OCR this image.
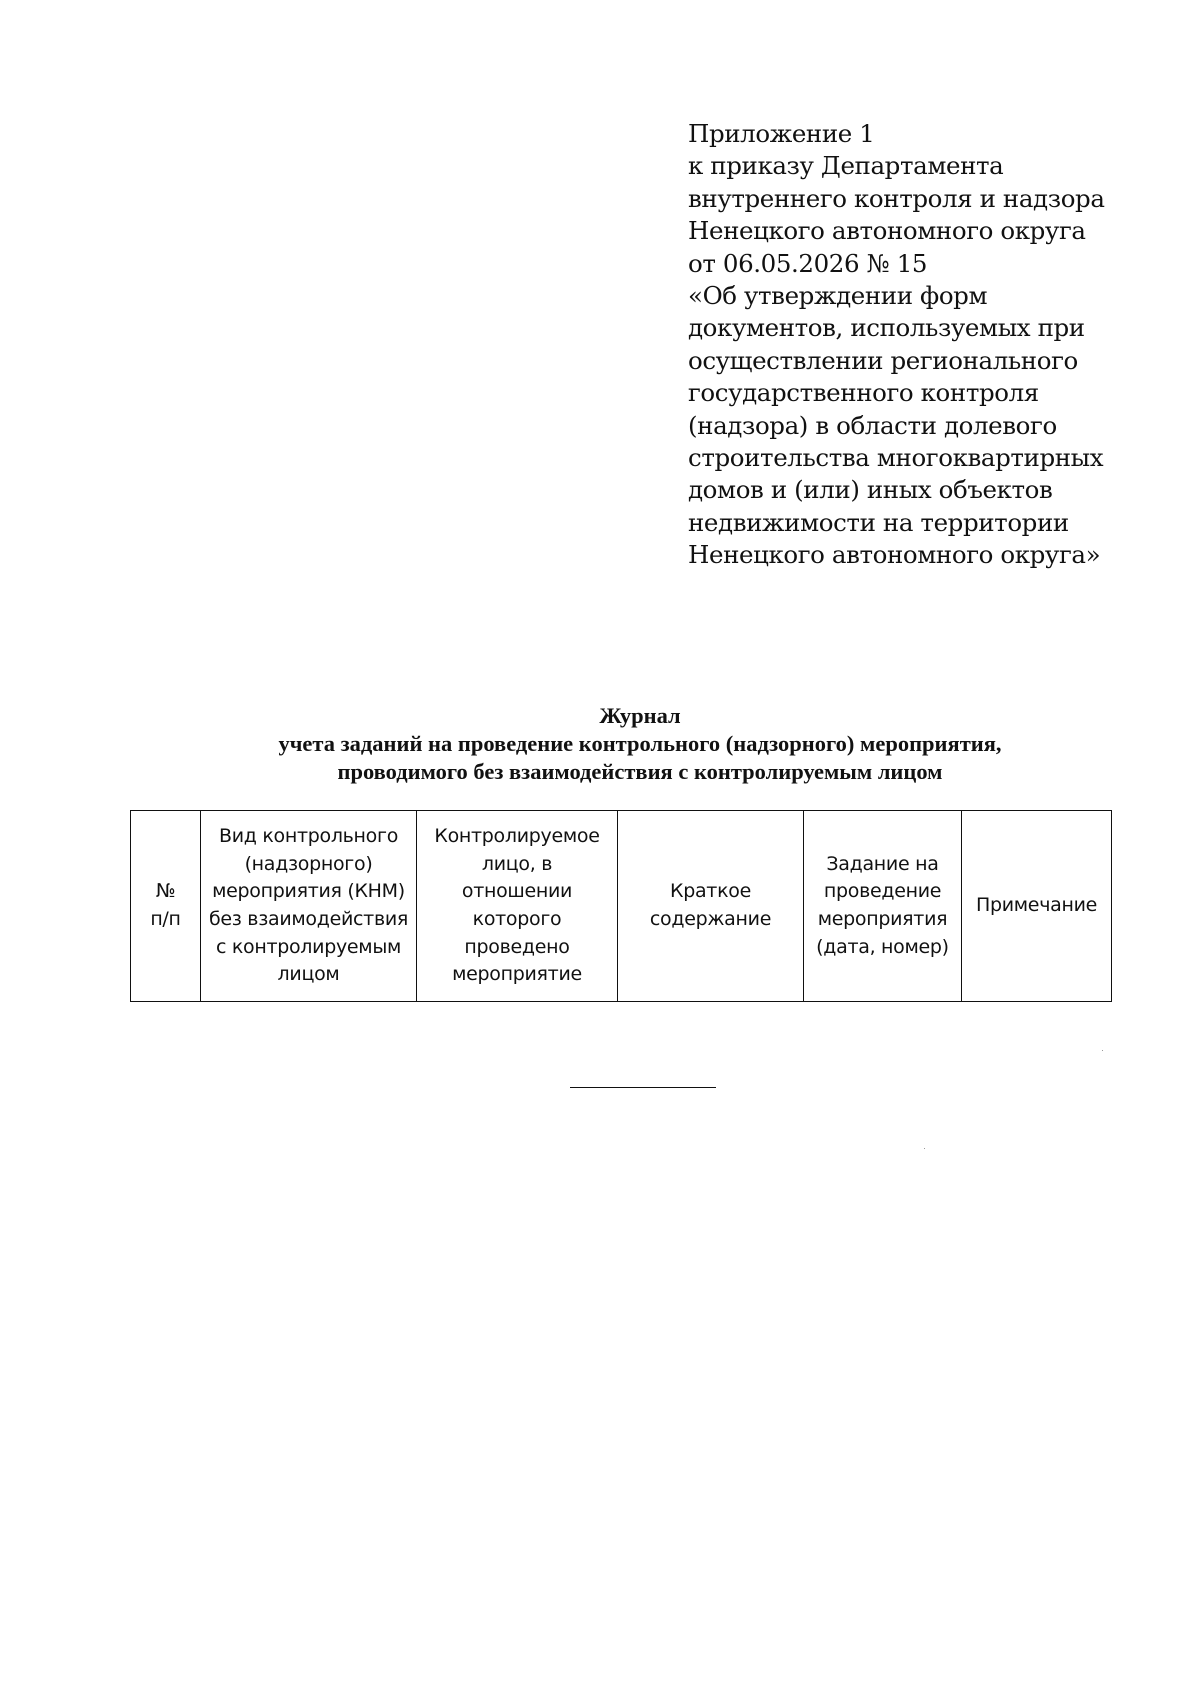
Приложение 1
к приказу Департамента
внутреннего контроля и надзора
Ненецкого автономного округа
от 06.05.2026 № 15
«Об утверждении форм
документов, используемых при
осуществлении регионального
государственного контроля
(надзора) в области долевого
строительства многоквартирных
домов и (или) иных объектов
недвижимости на территории
Ненецкого автономного округа»
Журнал
учета заданий на проведение контрольного (надзорного) мероприятия,
проводимого без взаимодействия с контролируемым лицом
№ п/п	Вид контрольного (надзорного) мероприятия (КНМ) без взаимодействия с контролируемым лицом	Контролируемое лицо, в отношении которого проведено мероприятие	Краткое содержание	Задание на проведение мероприятия (дата, номер)	Примечание
